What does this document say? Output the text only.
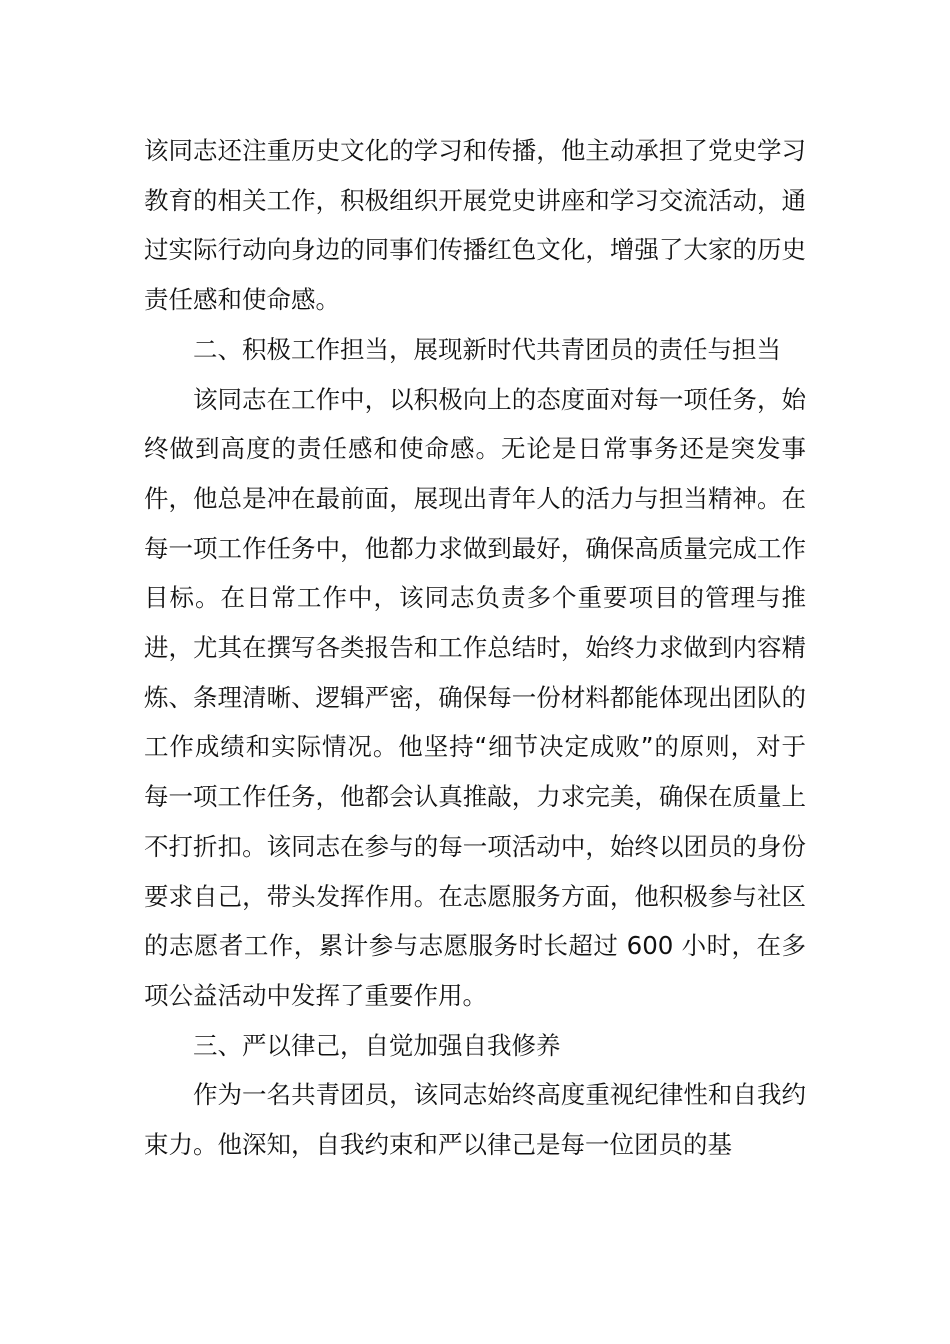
该同志还注重历史文化的学习和传播，他主动承担了党史学习教育的相关工作，积极组织开展党史讲座和学习交流活动，通过实际行动向身边的同事们传播红色文化，增强了大家的历史责任感和使命感。

二、积极工作担当，展现新时代共青团员的责任与担当

该同志在工作中，以积极向上的态度面对每一项任务，始终做到高度的责任感和使命感。无论是日常事务还是突发事件，他总是冲在最前面，展现出青年人的活力与担当精神。在每一项工作任务中，他都力求做到最好，确保高质量完成工作目标。在日常工作中，该同志负责多个重要项目的管理与推进，尤其在撰写各类报告和工作总结时，始终力求做到内容精炼、条理清晰、逻辑严密，确保每一份材料都能体现出团队的工作成绩和实际情况。他坚持“细节决定成败”的原则，对于每一项工作任务，他都会认真推敲，力求完美，确保在质量上不打折扣。该同志在参与的每一项活动中，始终以团员的身份要求自己，带头发挥作用。在志愿服务方面，他积极参与社区的志愿者工作，累计参与志愿服务时长超过 600 小时，在多项公益活动中发挥了重要作用。

三、严以律己，自觉加强自我修养

作为一名共青团员，该同志始终高度重视纪律性和自我约束力。他深知，自我约束和严以律己是每一位团员的基
